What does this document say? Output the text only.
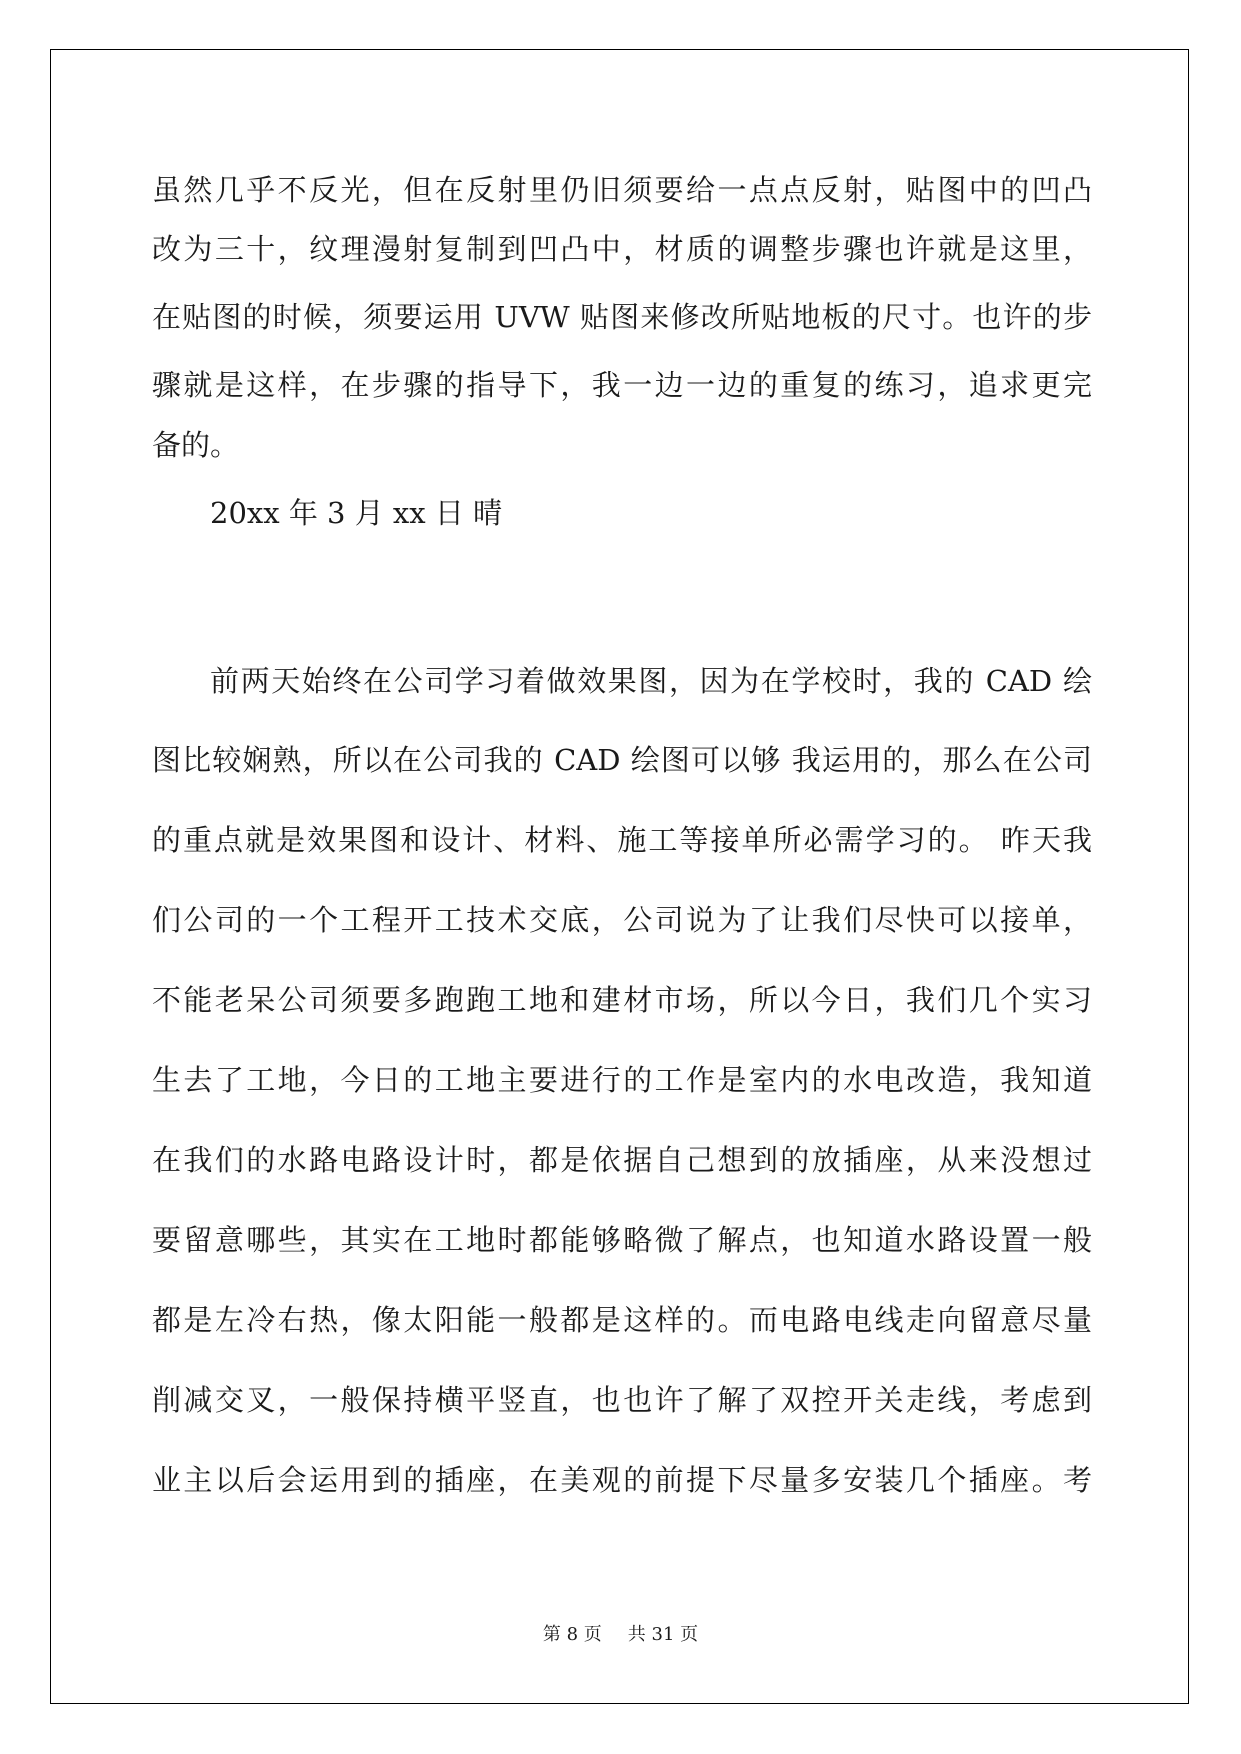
虽然几乎不反光，但在反射里仍旧须要给一点点反射，贴图中的凹凸
改为三十，纹理漫射复制到凹凸中，材质的调整步骤也许就是这里，
在贴图的时候，须要运用 UVW 贴图来修改所贴地板的尺寸。也许的步
骤就是这样，在步骤的指导下，我一边一边的重复的练习，追求更完
备的。
20xx 年 3 月 xx 日 晴
前两天始终在公司学习着做效果图，因为在学校时，我的 CAD 绘
图比较娴熟，所以在公司我的 CAD 绘图可以够 我运用的，那么在公司
的重点就是效果图和设计、材料、施工等接单所必需学习的。 昨天我
们公司的一个工程开工技术交底，公司说为了让我们尽快可以接单，
不能老呆公司须要多跑跑工地和建材市场，所以今日，我们几个实习
生去了工地，今日的工地主要进行的工作是室内的水电改造，我知道
在我们的水路电路设计时，都是依据自己想到的放插座，从来没想过
要留意哪些，其实在工地时都能够略微了解点，也知道水路设置一般
都是左冷右热，像太阳能一般都是这样的。而电路电线走向留意尽量
削减交叉，一般保持横平竖直，也也许了解了双控开关走线，考虑到
业主以后会运用到的插座，在美观的前提下尽量多安装几个插座。考
第 8 页 共 31 页
